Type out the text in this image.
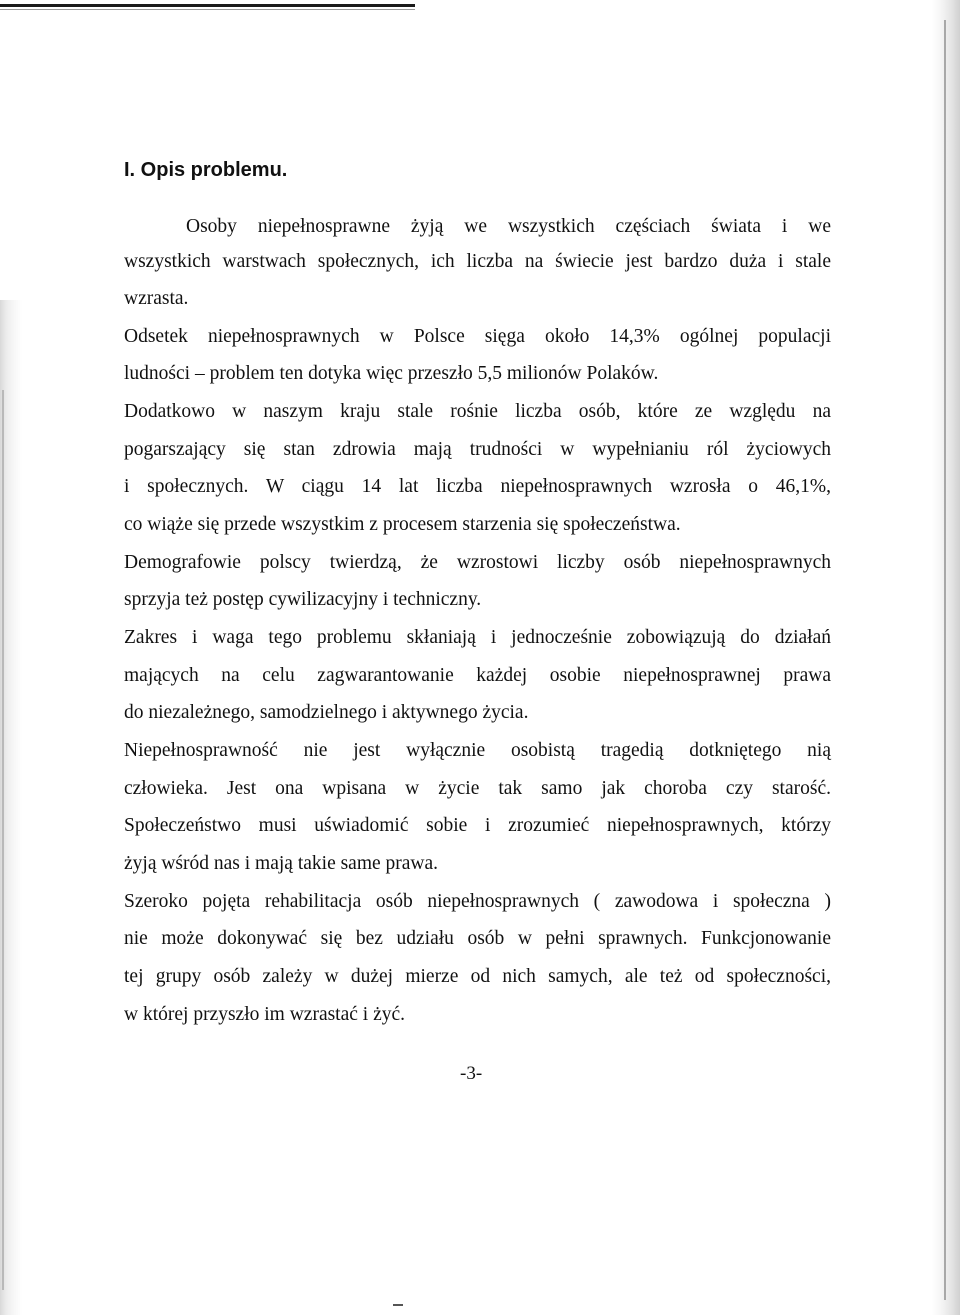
I. Opis problemu.
Osoby niepełnosprawne żyją we wszystkich częściach świata i we
wszystkich warstwach społecznych, ich liczba na świecie jest bardzo duża i stale
wzrasta.
Odsetek niepełnosprawnych w Polsce sięga około 14,3% ogólnej populacji
ludności – problem ten dotyka więc przeszło 5,5 milionów Polaków.
Dodatkowo w naszym kraju stale rośnie liczba osób, które ze względu na
pogarszający się stan zdrowia mają trudności w wypełnianiu ról życiowych
i społecznych. W ciągu 14 lat liczba niepełnosprawnych wzrosła o 46,1%,
co wiąże się przede wszystkim z procesem starzenia się społeczeństwa.
Demografowie polscy twierdzą, że wzrostowi liczby osób niepełnosprawnych
sprzyja też postęp cywilizacyjny i techniczny.
Zakres i waga tego problemu skłaniają i jednocześnie zobowiązują do działań
mających na celu zagwarantowanie każdej osobie niepełnosprawnej prawa
do niezależnego, samodzielnego i aktywnego życia.
Niepełnosprawność nie jest wyłącznie osobistą tragedią dotkniętego nią
człowieka. Jest ona wpisana w życie tak samo jak choroba czy starość.
Społeczeństwo musi uświadomić sobie i zrozumieć niepełnosprawnych, którzy
żyją wśród nas i mają takie same prawa.
Szeroko pojęta rehabilitacja osób niepełnosprawnych ( zawodowa i społeczna )
nie może dokonywać się bez udziału osób w pełni sprawnych. Funkcjonowanie
tej grupy osób zależy w dużej mierze od nich samych, ale też od społeczności,
w której przyszło im wzrastać i żyć.
-3-
